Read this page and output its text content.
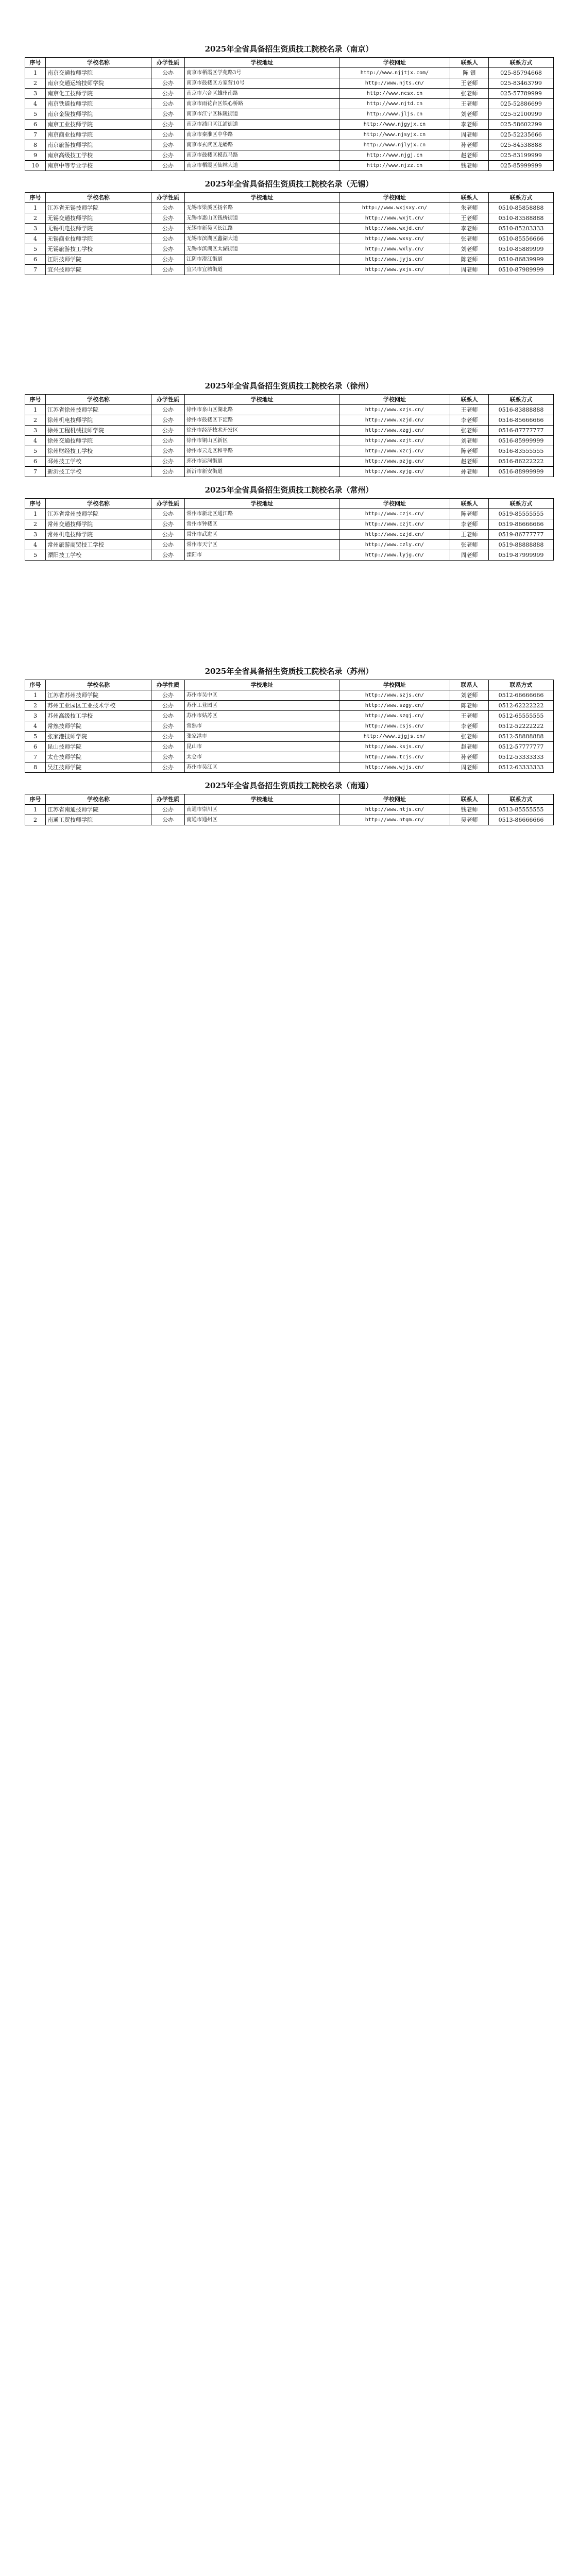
2025年全省具备招生资质技工院校名录（南京）
序号	学校名称	办学性质	学校地址	学校网址	联系人	联系方式
1	南京交通技师学院	公办	南京市栖霞区学苑路3号	http://www.njjtjx.com/	陈 银	025-85794668
2	南京交通运输技师学院	公办	南京市鼓楼区方家营10号	http://www.njts.cn/	王老师	025-83463799
3	南京化工技师学院	公办	南京市六合区雄州南路	http://www.ncsx.cn	张老师	025-57789999
4	南京铁道技师学院	公办	南京市雨花台区铁心桥路	http://www.njtd.cn	王老师	025-52886699
5	南京金陵技师学院	公办	南京市江宁区秣陵街道	http://www.jljs.cn	刘老师	025-52100999
6	南京工业技师学院	公办	南京市浦口区江浦街道	http://www.njgyjx.cn	李老师	025-58602299
7	南京商业技师学院	公办	南京市秦淮区中华路	http://www.njsyjx.cn	周老师	025-52235666
8	南京旅游技师学院	公办	南京市玄武区龙蟠路	http://www.njlyjx.cn	孙老师	025-84538888
9	南京高级技工学校	公办	南京市鼓楼区模范马路	http://www.njgj.cn	赵老师	025-83199999
10	南京中等专业学校	公办	南京市栖霞区仙林大道	http://www.njzz.cn	钱老师	025-85999999
2025年全省具备招生资质技工院校名录（无锡）
序号	学校名称	办学性质	学校地址	学校网址	联系人	联系方式
1	江苏省无锡技师学院	公办	无锡市梁溪区扬名路	http://www.wxjsxy.cn/	朱老师	0510-85858888
2	无锡交通技师学院	公办	无锡市惠山区钱桥街道	http://www.wxjt.cn/	王老师	0510-83588888
3	无锡机电技师学院	公办	无锡市新吴区长江路	http://www.wxjd.cn/	李老师	0510-85203333
4	无锡商业技师学院	公办	无锡市滨湖区蠡湖大道	http://www.wxsy.cn/	张老师	0510-85556666
5	无锡旅游技工学校	公办	无锡市滨湖区太湖街道	http://www.wxly.cn/	刘老师	0510-85889999
6	江阴技师学院	公办	江阴市澄江街道	http://www.jyjs.cn/	陈老师	0510-86839999
7	宜兴技师学院	公办	宜兴市宜城街道	http://www.yxjs.cn/	周老师	0510-87989999
2025年全省具备招生资质技工院校名录（徐州）
序号	学校名称	办学性质	学校地址	学校网址	联系人	联系方式
1	江苏省徐州技师学院	公办	徐州市泉山区湖北路	http://www.xzjs.cn/	王老师	0516-83888888
2	徐州机电技师学院	公办	徐州市鼓楼区下淀路	http://www.xzjd.cn/	李老师	0516-85666666
3	徐州工程机械技师学院	公办	徐州市经济技术开发区	http://www.xzgj.cn/	张老师	0516-87777777
4	徐州交通技师学院	公办	徐州市铜山区新区	http://www.xzjt.cn/	刘老师	0516-85999999
5	徐州财经技工学校	公办	徐州市云龙区和平路	http://www.xzcj.cn/	陈老师	0516-83555555
6	邳州技工学校	公办	邳州市运河街道	http://www.pzjg.cn/	赵老师	0516-86222222
7	新沂技工学校	公办	新沂市新安街道	http://www.xyjg.cn/	孙老师	0516-88999999
2025年全省具备招生资质技工院校名录（常州）
序号	学校名称	办学性质	学校地址	学校网址	联系人	联系方式
1	江苏省常州技师学院	公办	常州市新北区通江路	http://www.czjs.cn/	陈老师	0519-85555555
2	常州交通技师学院	公办	常州市钟楼区	http://www.czjt.cn/	李老师	0519-86666666
3	常州机电技师学院	公办	常州市武进区	http://www.czjd.cn/	王老师	0519-86777777
4	常州旅游商贸技工学校	公办	常州市天宁区	http://www.czly.cn/	张老师	0519-88888888
5	溧阳技工学校	公办	溧阳市	http://www.lyjg.cn/	周老师	0519-87999999
2025年全省具备招生资质技工院校名录（苏州）
序号	学校名称	办学性质	学校地址	学校网址	联系人	联系方式
1	江苏省苏州技师学院	公办	苏州市吴中区	http://www.szjs.cn/	刘老师	0512-66666666
2	苏州工业园区工业技术学校	公办	苏州工业园区	http://www.szgy.cn/	陈老师	0512-62222222
3	苏州高级技工学校	公办	苏州市姑苏区	http://www.szgj.cn/	王老师	0512-65555555
4	常熟技师学院	公办	常熟市	http://www.csjs.cn/	李老师	0512-52222222
5	张家港技师学院	公办	张家港市	http://www.zjgjs.cn/	张老师	0512-58888888
6	昆山技师学院	公办	昆山市	http://www.ksjs.cn/	赵老师	0512-57777777
7	太仓技师学院	公办	太仓市	http://www.tcjs.cn/	孙老师	0512-53333333
8	吴江技师学院	公办	苏州市吴江区	http://www.wjjs.cn/	周老师	0512-63333333
2025年全省具备招生资质技工院校名录（南通）
序号	学校名称	办学性质	学校地址	学校网址	联系人	联系方式
1	江苏省南通技师学院	公办	南通市崇川区	http://www.ntjs.cn/	钱老师	0513-85555555
2	南通工贸技师学院	公办	南通市通州区	http://www.ntgm.cn/	吴老师	0513-86666666
